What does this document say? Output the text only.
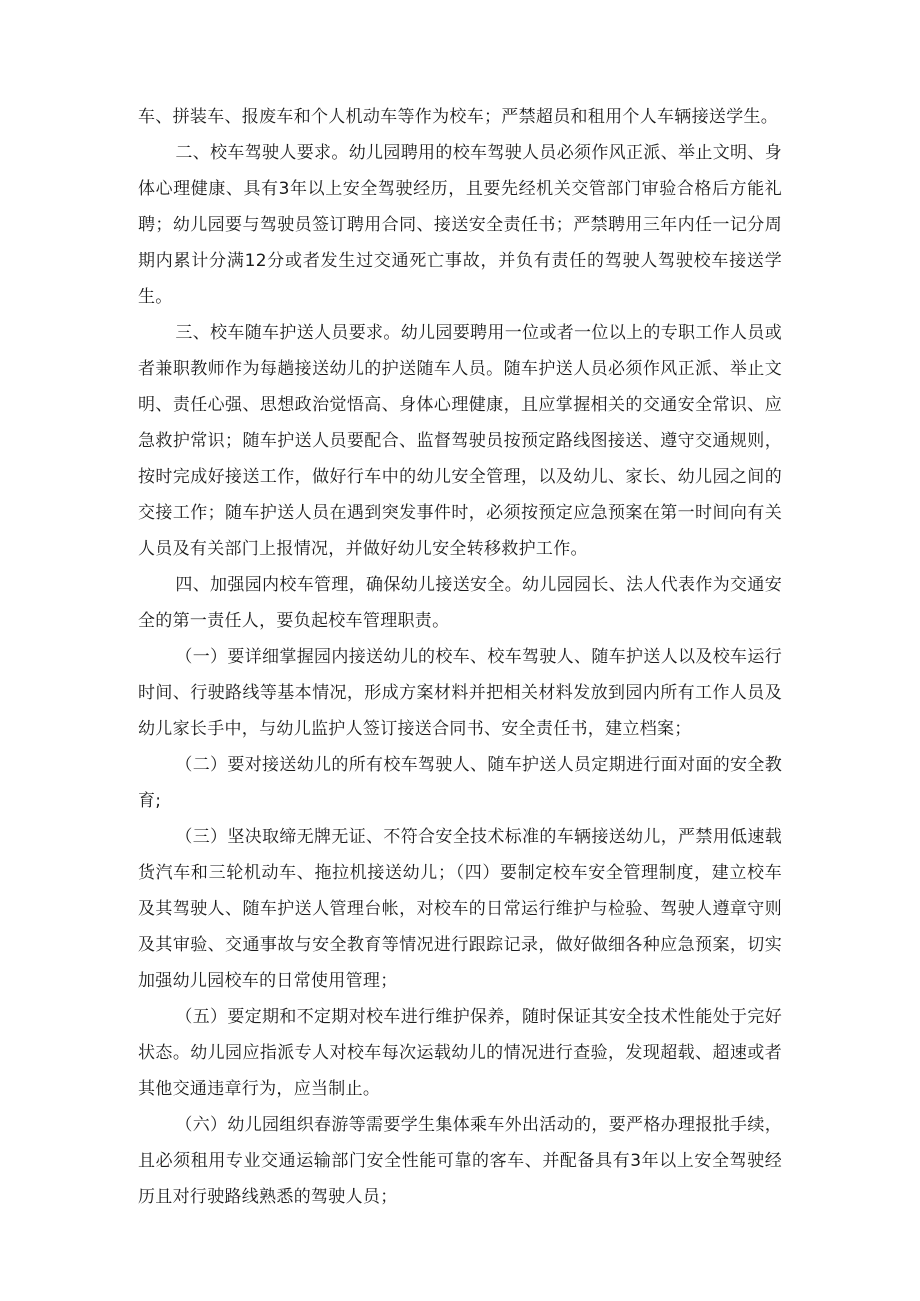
车、拼装车、报废车和个人机动车等作为校车；严禁超员和租用个人车辆接送学生。

二、校车驾驶人要求。幼儿园聘用的校车驾驶人员必须作风正派、举止文明、身体心理健康、具有3年以上安全驾驶经历，且要先经机关交管部门审验合格后方能礼聘；幼儿园要与驾驶员签订聘用合同、接送安全责任书；严禁聘用三年内任一记分周期内累计分满12分或者发生过交通死亡事故，并负有责任的驾驶人驾驶校车接送学生。

三、校车随车护送人员要求。幼儿园要聘用一位或者一位以上的专职工作人员或者兼职教师作为每趟接送幼儿的护送随车人员。随车护送人员必须作风正派、举止文明、责任心强、思想政治觉悟高、身体心理健康，且应掌握相关的交通安全常识、应急救护常识；随车护送人员要配合、监督驾驶员按预定路线图接送、遵守交通规则，按时完成好接送工作，做好行车中的幼儿安全管理，以及幼儿、家长、幼儿园之间的交接工作；随车护送人员在遇到突发事件时，必须按预定应急预案在第一时间向有关人员及有关部门上报情况，并做好幼儿安全转移救护工作。

四、加强园内校车管理，确保幼儿接送安全。幼儿园园长、法人代表作为交通安全的第一责任人，要负起校车管理职责。

（一）要详细掌握园内接送幼儿的校车、校车驾驶人、随车护送人以及校车运行时间、行驶路线等基本情况，形成方案材料并把相关材料发放到园内所有工作人员及幼儿家长手中，与幼儿监护人签订接送合同书、安全责任书，建立档案；

（二）要对接送幼儿的所有校车驾驶人、随车护送人员定期进行面对面的安全教育;

（三）坚决取缔无牌无证、不符合安全技术标准的车辆接送幼儿，严禁用低速载货汽车和三轮机动车、拖拉机接送幼儿；（四）要制定校车安全管理制度，建立校车及其驾驶人、随车护送人管理台帐，对校车的日常运行维护与检验、驾驶人遵章守则及其审验、交通事故与安全教育等情况进行跟踪记录，做好做细各种应急预案，切实加强幼儿园校车的日常使用管理；

（五）要定期和不定期对校车进行维护保养，随时保证其安全技术性能处于完好状态。幼儿园应指派专人对校车每次运载幼儿的情况进行查验，发现超载、超速或者其他交通违章行为，应当制止。

（六）幼儿园组织春游等需要学生集体乘车外出活动的，要严格办理报批手续，且必须租用专业交通运输部门安全性能可靠的客车、并配备具有3年以上安全驾驶经历且对行驶路线熟悉的驾驶人员；
